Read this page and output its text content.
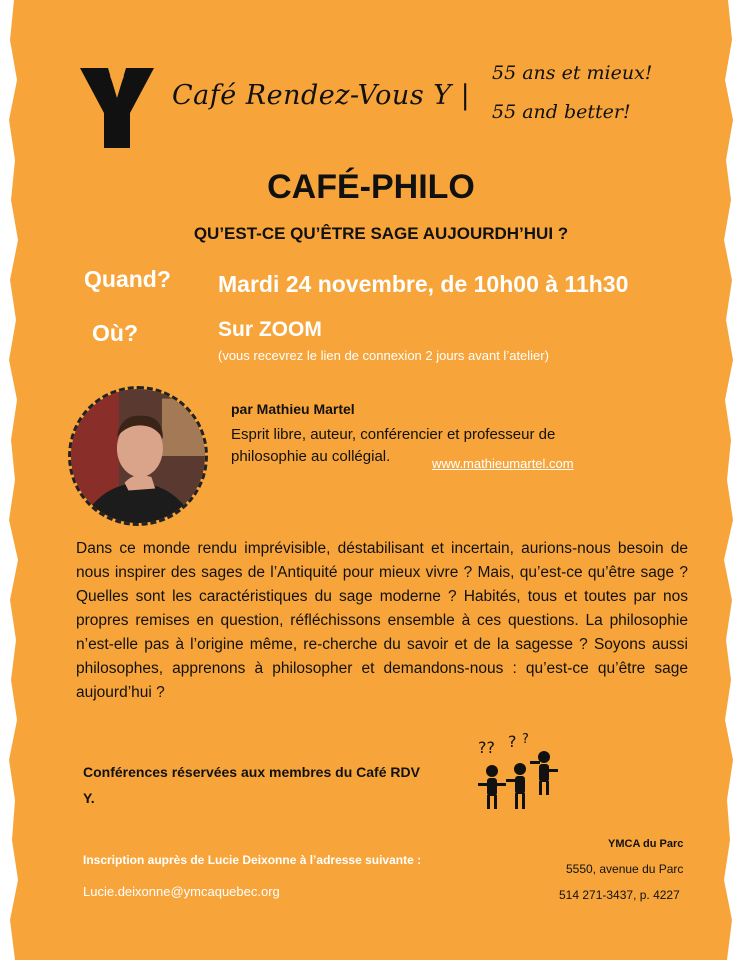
Café Rendez-Vous Y |
55 ans et mieux!
55 and better!
CAFÉ-PHILO
QU’EST-CE QU’ÊTRE SAGE AUJOURDH’HUI ?
Quand? Mardi 24 novembre, de 10h00 à 11h30
Où?	Sur ZOOM
(vous recevrez le lien de connexion 2 jours avant l’atelier)
par Mathieu Martel
Esprit libre, auteur, conférencier et professeur de philosophie au collégial.	www.mathieumartel.com
Dans ce monde rendu imprévisible, déstabilisant et incertain, aurions-nous besoin de nous inspirer des sages de l’Antiquité pour mieux vivre ? Mais, qu’est-ce qu’être sage ? Quelles sont les caractéristiques du sage moderne ? Habités, tous et toutes par nos propres remises en question, réfléchissons ensemble à ces questions. La philosophie n’est-elle pas à l’origine même, re-cherche du savoir et de la sagesse ? Soyons aussi philosophes, apprenons à philosopher et demandons-nous : qu’est-ce qu’être sage aujourd’hui ?
Conférences réservées aux membres du Café RDV Y.
?? ? ?
Inscription auprès de Lucie Deixonne à l’adresse suivante :
Lucie.deixonne@ymcaquebec.org
YMCA du Parc
5550, avenue du Parc
514 271-3437, p. 4227
